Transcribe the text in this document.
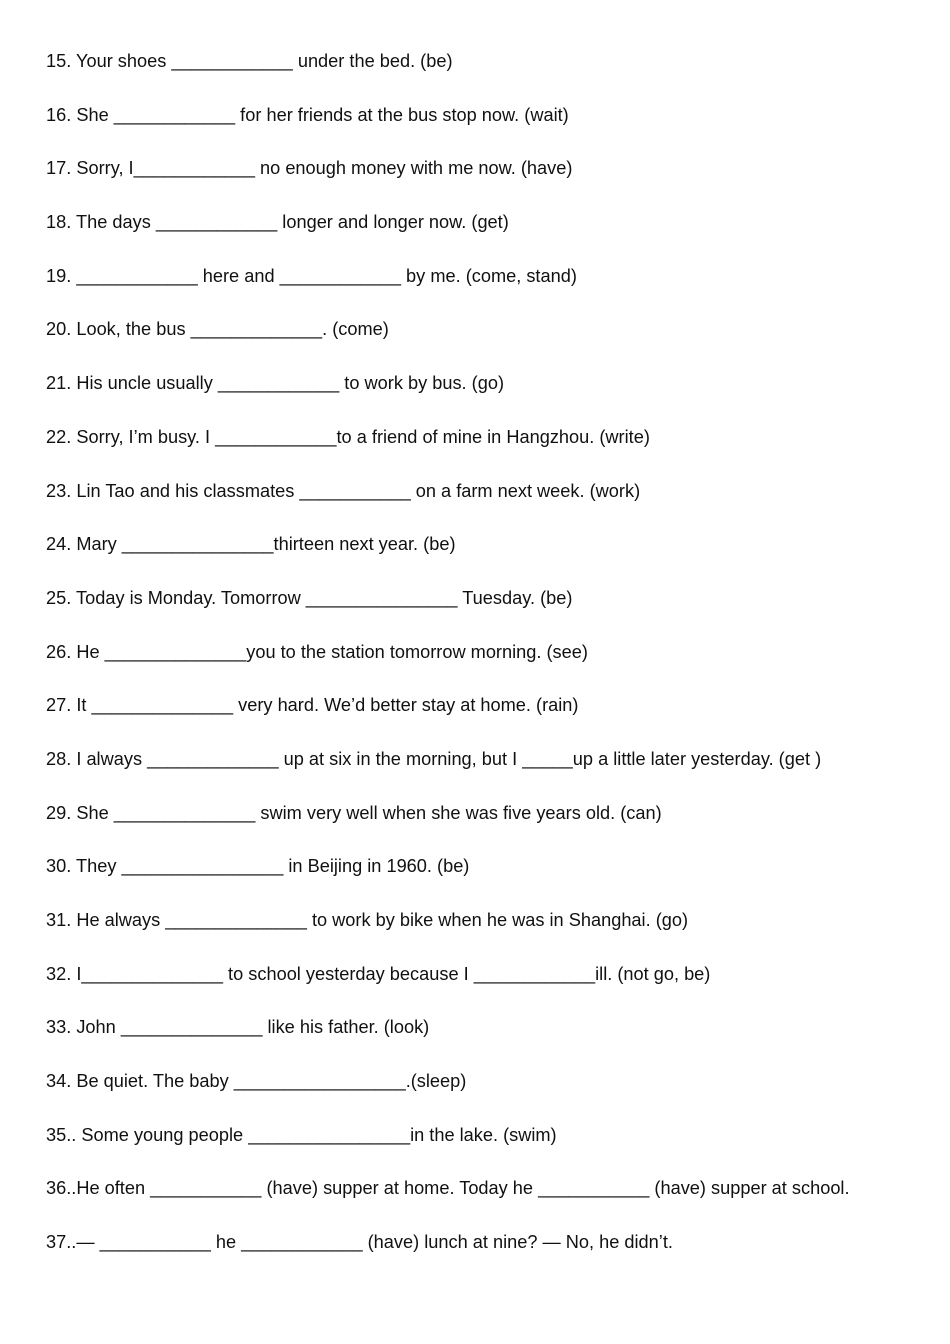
15. Your shoes ____________ under the bed. (be)
16. She ____________ for her friends at the bus stop now. (wait)
17. Sorry, I____________ no enough money with me now. (have)
18. The days ____________ longer and longer now. (get)
19. ____________ here and ____________ by me. (come, stand)
20. Look, the bus _____________. (come)
21. His uncle usually ____________ to work by bus. (go)
22. Sorry, I’m busy. I ____________to a friend of mine in Hangzhou. (write)
23. Lin Tao and his classmates ___________ on a farm next week. (work)
24. Mary _______________thirteen next year. (be)
25. Today is Monday. Tomorrow _______________ Tuesday. (be)
26. He ______________you to the station tomorrow morning. (see)
27. It ______________ very hard. We’d better stay at home. (rain)
28. I always _____________ up at six in the morning, but I _____up a little later yesterday. (get )
29. She ______________ swim very well when she was five years old. (can)
30. They ________________ in Beijing in 1960. (be)
31. He always ______________ to work by bike when he was in Shanghai. (go)
32. I______________ to school yesterday because I ____________ill. (not go, be)
33. John ______________ like his father. (look)
34. Be quiet. The baby _________________.(sleep)
35.. Some young people ________________in the lake. (swim)
36..He often ___________ (have) supper at home. Today he ___________ (have) supper at school.
37..— ___________ he ____________ (have) lunch at nine? — No, he didn’t.
